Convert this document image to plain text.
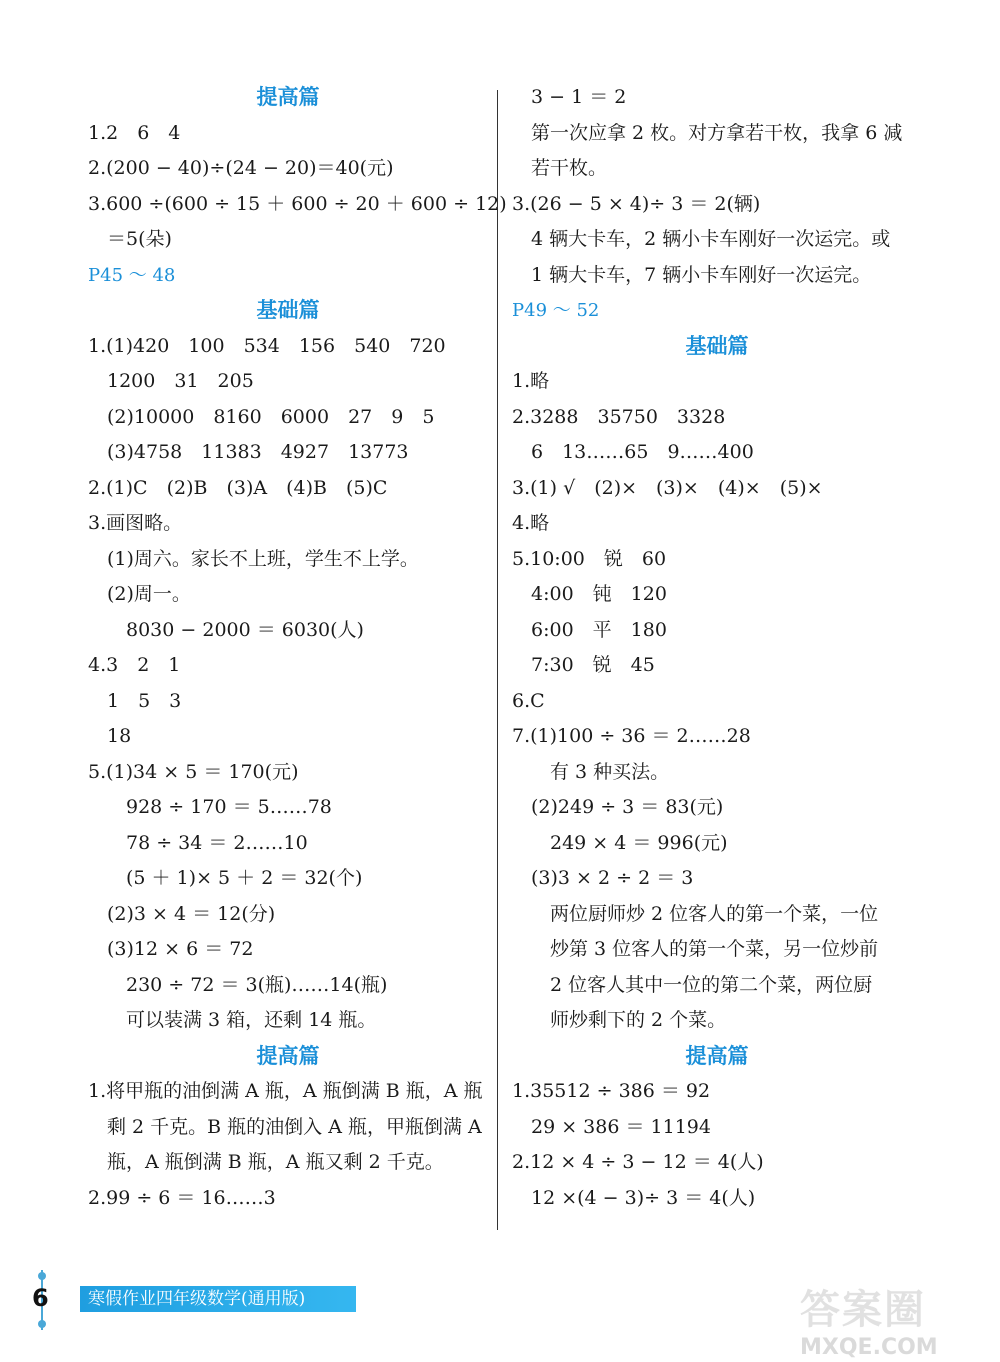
提高篇
1.2　6　4
2.(200 − 40)÷(24 − 20)＝40(元)
3.600 ÷(600 ÷ 15 ＋ 600 ÷ 20 ＋ 600 ÷ 12)
　＝5(朵)
P45 ～ 48
基础篇
1.(1)420　100　534　156　540　720
　1200　31　205
　(2)10000　8160　6000　27　9　5
　(3)4758　11383　4927　13773
2.(1)C　(2)B　(3)A　(4)B　(5)C
3.画图略。
　(1)周六。家长不上班，学生不上学。
　(2)周一。
　　8030 − 2000 ＝ 6030(人)
4.3　2　1
　1　5　3
　18
5.(1)34 × 5 ＝ 170(元)
　　928 ÷ 170 ＝ 5……78
　　78 ÷ 34 ＝ 2……10
　　(5 ＋ 1)× 5 ＋ 2 ＝ 32(个)
　(2)3 × 4 ＝ 12(分)
　(3)12 × 6 ＝ 72
　　230 ÷ 72 ＝ 3(瓶)……14(瓶)
　　可以装满 3 箱，还剩 14 瓶。
提高篇
1.将甲瓶的油倒满 A 瓶，A 瓶倒满 B 瓶，A 瓶
　剩 2 千克。B 瓶的油倒入 A 瓶，甲瓶倒满 A
　瓶，A 瓶倒满 B 瓶，A 瓶又剩 2 千克。
2.99 ÷ 6 ＝ 16……3
　3 − 1 ＝ 2
　第一次应拿 2 枚。对方拿若干枚，我拿 6 减
　若干枚。
3.(26 − 5 × 4)÷ 3 ＝ 2(辆)
　4 辆大卡车，2 辆小卡车刚好一次运完。或
　1 辆大卡车，7 辆小卡车刚好一次运完。
P49 ～ 52
基础篇
1.略
2.3288　35750　3328
　6　13……65　9……400
3.(1) √　(2)×　(3)×　(4)×　(5)×
4.略
5.10:00　锐　60
　4:00　钝　120
　6:00　平　180
　7:30　锐　45
6.C
7.(1)100 ÷ 36 ＝ 2……28
　　有 3 种买法。
　(2)249 ÷ 3 ＝ 83(元)
　　249 × 4 ＝ 996(元)
　(3)3 × 2 ÷ 2 ＝ 3
　　两位厨师炒 2 位客人的第一个菜，一位
　　炒第 3 位客人的第一个菜，另一位炒前
　　2 位客人其中一位的第二个菜，两位厨
　　师炒剩下的 2 个菜。
提高篇
1.35512 ÷ 386 ＝ 92
　29 × 386 ＝ 11194
2.12 × 4 ÷ 3 − 12 ＝ 4(人)
　12 ×(4 − 3)÷ 3 ＝ 4(人)
6	寒假作业四年级数学(通用版)	答案圈
MXQE.COM
